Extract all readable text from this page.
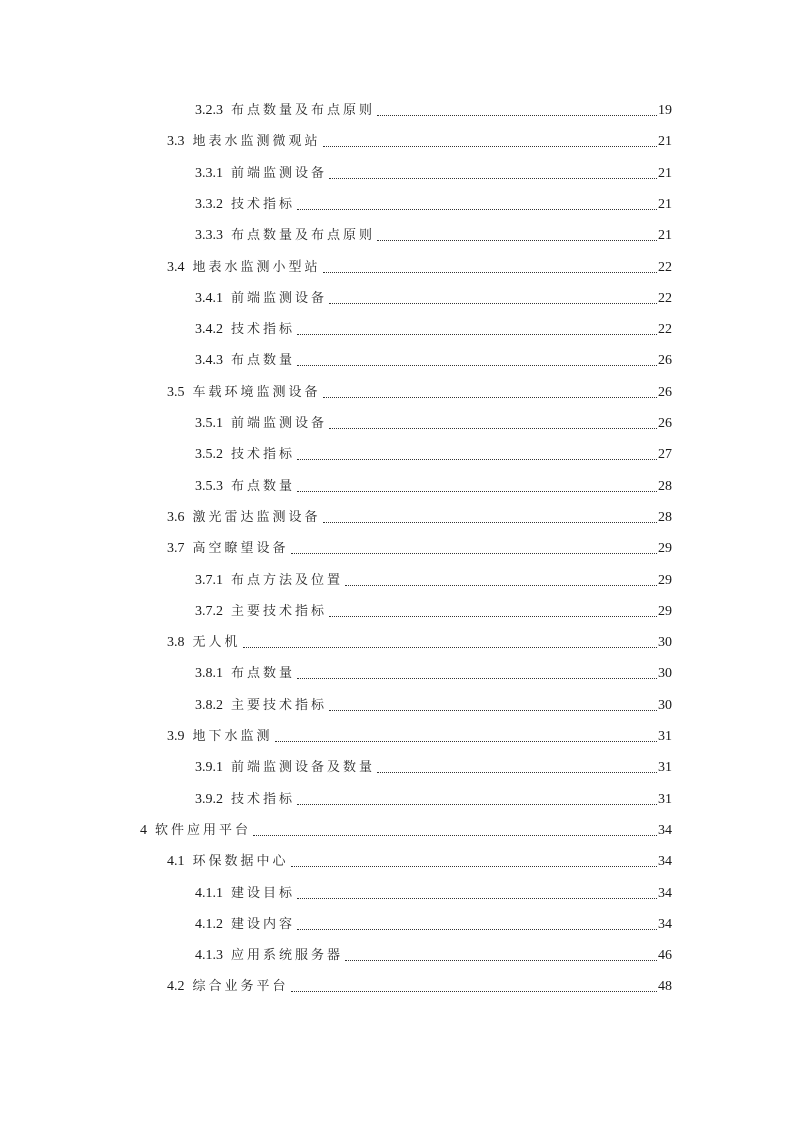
3.2.3 布点数量及布点原则	19
3.3 地表水监测微观站	21
3.3.1 前端监测设备	21
3.3.2 技术指标	21
3.3.3 布点数量及布点原则	21
3.4 地表水监测小型站	22
3.4.1 前端监测设备	22
3.4.2 技术指标	22
3.4.3 布点数量	26
3.5 车载环境监测设备	26
3.5.1 前端监测设备	26
3.5.2 技术指标	27
3.5.3 布点数量	28
3.6 激光雷达监测设备	28
3.7 高空瞭望设备	29
3.7.1 布点方法及位置	29
3.7.2 主要技术指标	29
3.8 无人机	30
3.8.1 布点数量	30
3.8.2 主要技术指标	30
3.9 地下水监测	31
3.9.1 前端监测设备及数量	31
3.9.2 技术指标	31
4 软件应用平台	34
4.1 环保数据中心	34
4.1.1 建设目标	34
4.1.2 建设内容	34
4.1.3 应用系统服务器	46
4.2 综合业务平台	48
